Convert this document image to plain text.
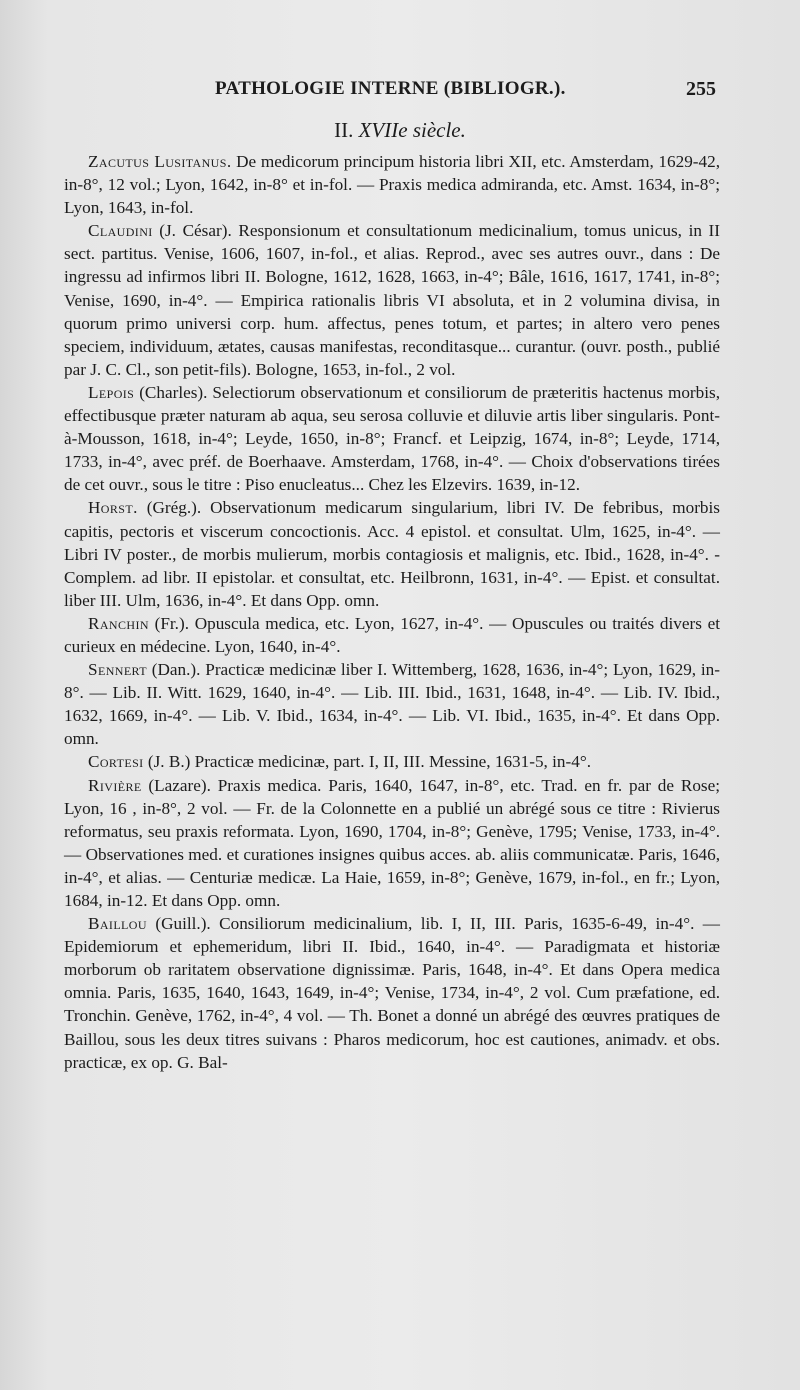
PATHOLOGIE INTERNE (BIBLIOGR.).	255
II. XVIIe siècle.

Zacutus Lusitanus. De medicorum principum historia libri XII, etc. Amsterdam, 1629-42, in-8°, 12 vol.; Lyon, 1642, in-8° et in-fol. — Praxis medica admiranda, etc. Amst. 1634, in-8°; Lyon, 1643, in-fol.

Claudini (J. César). Responsionum et consultationum medicinalium, tomus unicus, in II sect. partitus. Venise, 1606, 1607, in-fol., et alias. Reprod., avec ses autres ouvr., dans : De ingressu ad infirmos libri II. Bologne, 1612, 1628, 1663, in-4°; Bâle, 1616, 1617, 1741, in-8°; Venise, 1690, in-4°. — Empirica rationalis libris VI absoluta, et in 2 volumina divisa, in quorum primo universi corp. hum. affectus, penes totum, et partes; in altero vero penes speciem, individuum, ætates, causas manifestas, reconditasque... curantur. (ouvr. posth., publié par J. C. Cl., son petit-fils). Bologne, 1653, in-fol., 2 vol.

Lepois (Charles). Selectiorum observationum et consiliorum de præteritis hactenus morbis, effectibusque præter naturam ab aqua, seu serosa colluvie et diluvie artis liber singularis. Pont-à-Mousson, 1618, in-4°; Leyde, 1650, in-8°; Francf. et Leipzig, 1674, in-8°; Leyde, 1714, 1733, in-4°, avec préf. de Boerhaave. Amsterdam, 1768, in-4°. — Choix d'observations tirées de cet ouvr., sous le titre : Piso enucleatus... Chez les Elzevirs. 1639, in-12.

Horst. (Grég.). Observationum medicarum singularium, libri IV. De febribus, morbis capitis, pectoris et viscerum concoctionis. Acc. 4 epistol. et consultat. Ulm, 1625, in-4°. — Libri IV poster., de morbis mulierum, morbis contagiosis et malignis, etc. Ibid., 1628, in-4°. - Complem. ad libr. II epistolar. et consultat, etc. Heilbronn, 1631, in-4°. — Epist. et consultat. liber III. Ulm, 1636, in-4°. Et dans Opp. omn.

Ranchin (Fr.). Opuscula medica, etc. Lyon, 1627, in-4°. — Opuscules ou traités divers et curieux en médecine. Lyon, 1640, in-4°.

Sennert (Dan.). Practicæ medicinæ liber I. Wittemberg, 1628, 1636, in-4°; Lyon, 1629, in-8°. — Lib. II. Witt. 1629, 1640, in-4°. — Lib. III. Ibid., 1631, 1648, in-4°. — Lib. IV. Ibid., 1632, 1669, in-4°. — Lib. V. Ibid., 1634, in-4°. — Lib. VI. Ibid., 1635, in-4°. Et dans Opp. omn.

Cortesi (J. B.) Practicæ medicinæ, part. I, II, III. Messine, 1631-5, in-4°.

Rivière (Lazare). Praxis medica. Paris, 1640, 1647, in-8°, etc. Trad. en fr. par de Rose; Lyon, 16 , in-8°, 2 vol. — Fr. de la Colonnette en a publié un abrégé sous ce titre : Rivierus reformatus, seu praxis reformata. Lyon, 1690, 1704, in-8°; Genève, 1795; Venise, 1733, in-4°. — Observationes med. et curationes insignes quibus acces. ab. aliis communicatæ. Paris, 1646, in-4°, et alias. — Centuriæ medicæ. La Haie, 1659, in-8°; Genève, 1679, in-fol., en fr.; Lyon, 1684, in-12. Et dans Opp. omn.

Baillou (Guill.). Consiliorum medicinalium, lib. I, II, III. Paris, 1635-6-49, in-4°. — Epidemiorum et ephemeridum, libri II. Ibid., 1640, in-4°. — Paradigmata et historiæ morborum ob raritatem observatione dignissimæ. Paris, 1648, in-4°. Et dans Opera medica omnia. Paris, 1635, 1640, 1643, 1649, in-4°; Venise, 1734, in-4°, 2 vol. Cum præfatione, ed. Tronchin. Genève, 1762, in-4°, 4 vol. — Th. Bonet a donné un abrégé des œuvres pratiques de Baillou, sous les deux titres suivans : Pharos medicorum, hoc est cautiones, animadv. et obs. practicæ, ex op. G. Bal-
